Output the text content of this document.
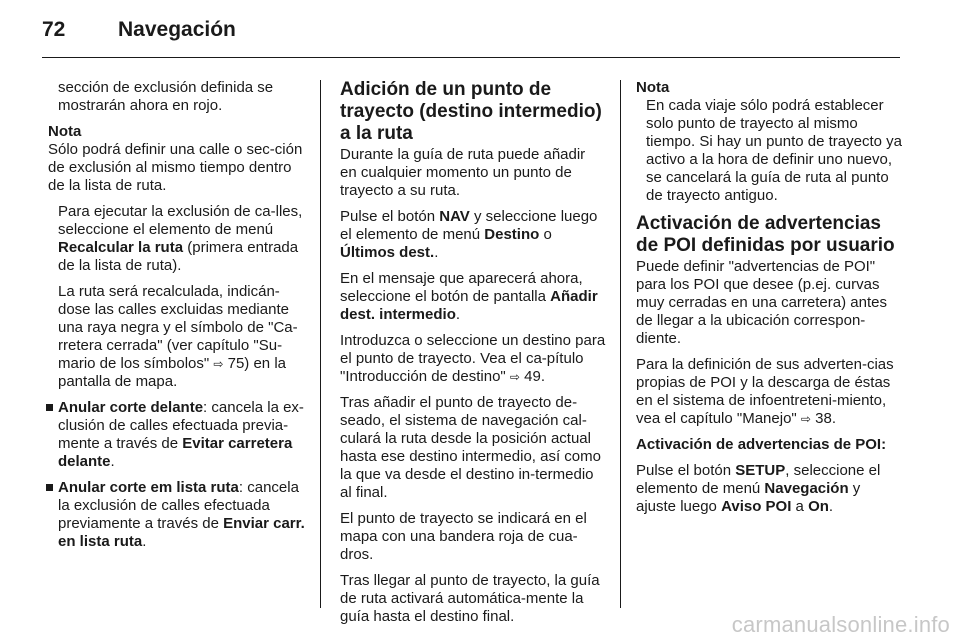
72	Navegación

sección de exclusión definida se mostrarán ahora en rojo.

Nota

Sólo podrá definir una calle o sec-ción de exclusión al mismo tiempo dentro de la lista de ruta.

Para ejecutar la exclusión de ca-lles, seleccione el elemento de menú Recalcular la ruta (primera entrada de la lista de ruta).

La ruta será recalculada, indicán-dose las calles excluidas mediante una raya negra y el símbolo de "Ca-rretera cerrada" (ver capítulo "Su-mario de los símbolos" ⇨ 75) en la pantalla de mapa.

Anular corte delante: cancela la ex-clusión de calles efectuada previa-mente a través de Evitar carretera delante.
Anular corte em lista ruta: cancela la exclusión de calles efectuada previamente a través de Enviar carr. en lista ruta.
Adición de un punto de trayecto (destino intermedio) a la ruta

Durante la guía de ruta puede añadir en cualquier momento un punto de trayecto a su ruta.

Pulse el botón NAV y seleccione luego el elemento de menú Destino o Últimos dest..

En el mensaje que aparecerá ahora, seleccione el botón de pantalla Añadir dest. intermedio.

Introduzca o seleccione un destino para el punto de trayecto. Vea el ca-pítulo "Introducción de destino" ⇨ 49.

Tras añadir el punto de trayecto de-seado, el sistema de navegación cal-culará la ruta desde la posición actual hasta ese destino intermedio, así como la que va desde el destino in-termedio al final.

El punto de trayecto se indicará en el mapa con una bandera roja de cua-dros.

Tras llegar al punto de trayecto, la guía de ruta activará automática-mente la guía hasta el destino final.

Nota

En cada viaje sólo podrá establecer solo punto de trayecto al mismo tiempo. Si hay un punto de trayecto ya activo a la hora de definir uno nuevo, se cancelará la guía de ruta al punto de trayecto antiguo.

Activación de advertencias de POI definidas por usuario

Puede definir "advertencias de POI" para los POI que desee (p.ej. curvas muy cerradas en una carretera) antes de llegar a la ubicación correspon-diente.

Para la definición de sus adverten-cias propias de POI y la descarga de éstas en el sistema de infoentreteni-miento, vea el capítulo "Manejo" ⇨ 38.

Activación de advertencias de POI:

Pulse el botón SETUP, seleccione el elemento de menú Navegación y ajuste luego Aviso POI a On.

carmanualsonline.info
